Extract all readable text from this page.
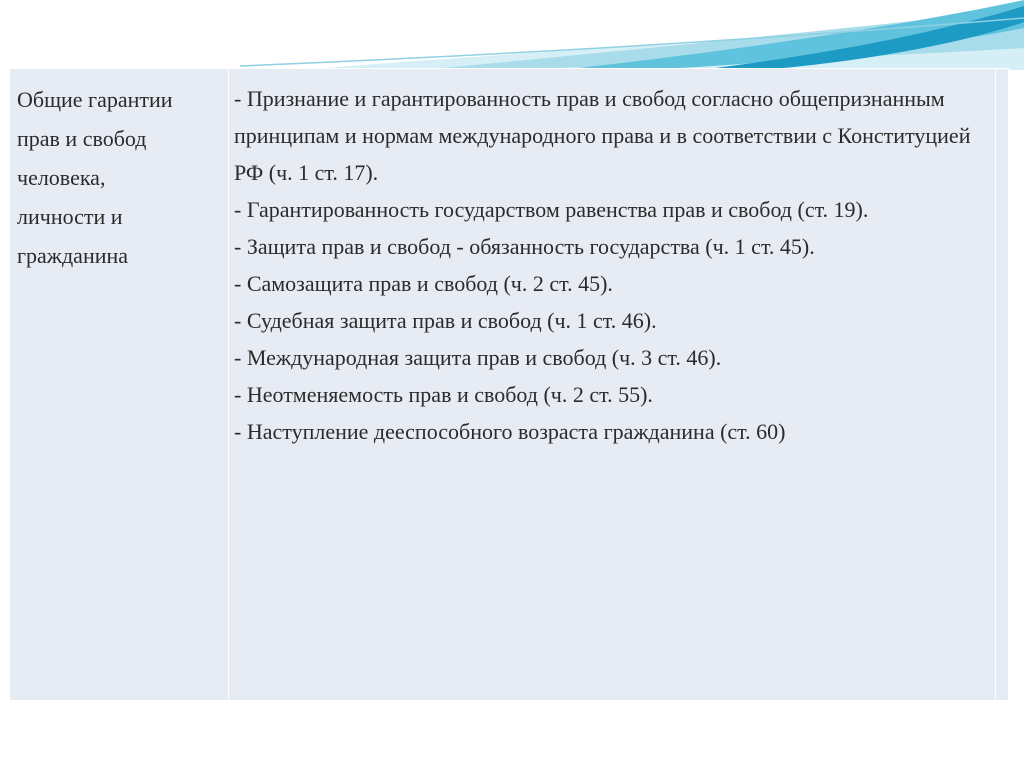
Общие гарантии
прав и свобод
человека,
личности и
гражданина

- Признание и гарантированность прав и свобод согласно общепризнанным принципам и нормам международного права и в соответствии с Конституцией РФ (ч. 1 ст. 17).
- Гарантированность государством равенства прав и свобод (ст. 19).
- Защита прав и свобод - обязанность государства (ч. 1 ст. 45).
- Самозащита прав и свобод (ч. 2 ст. 45).
- Судебная защита прав и свобод (ч. 1 ст. 46).
- Международная защита прав и свобод (ч. 3 ст. 46).
- Неотменяемость прав и свобод (ч. 2 ст. 55).
- Наступление дееспособного возраста гражданина (ст. 60)
